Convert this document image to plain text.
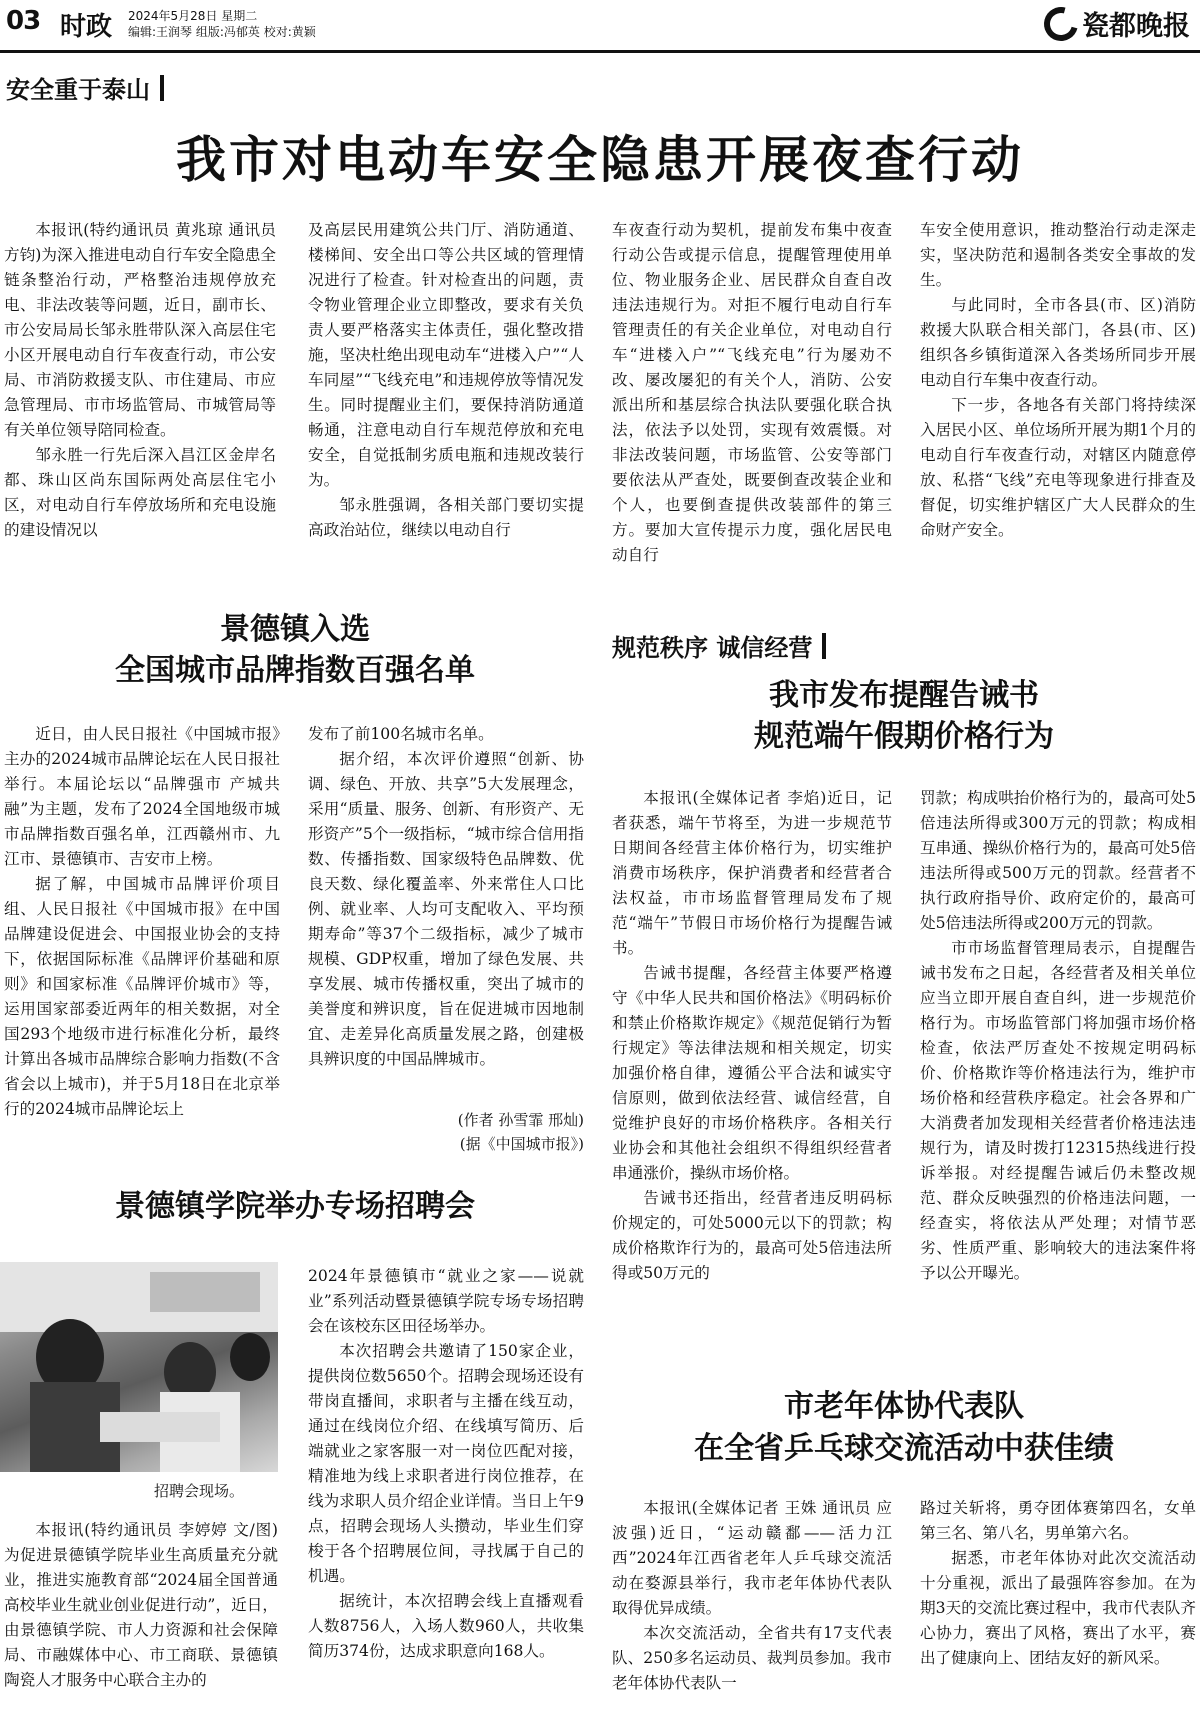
03 时政 2024年5月28日 星期二
编辑:王润琴 组版:冯郁英 校对:黄颖	瓷都晚报
安全重于泰山
我市对电动车安全隐患开展夜查行动

本报讯(特约通讯员 黄兆琼 通讯员 方钧)为深入推进电动自行车安全隐患全链条整治行动，严格整治违规停放充电、非法改装等问题，近日，副市长、市公安局局长邹永胜带队深入高层住宅小区开展电动自行车夜查行动，市公安局、市消防救援支队、市住建局、市应急管理局、市市场监管局、市城管局等有关单位领导陪同检查。

邹永胜一行先后深入昌江区金岸名都、珠山区尚东国际两处高层住宅小区，对电动自行车停放场所和充电设施的建设情况以

及高层民用建筑公共门厅、消防通道、楼梯间、安全出口等公共区域的管理情况进行了检查。针对检查出的问题，责令物业管理企业立即整改，要求有关负责人要严格落实主体责任，强化整改措施，坚决杜绝出现电动车“进楼入户”“人车同屋”“飞线充电”和违规停放等情况发生。同时提醒业主们，要保持消防通道畅通，注意电动自行车规范停放和充电安全，自觉抵制劣质电瓶和违规改装行为。

邹永胜强调，各相关部门要切实提高政治站位，继续以电动自行

车夜查行动为契机，提前发布集中夜查行动公告或提示信息，提醒管理使用单位、物业服务企业、居民群众自查自改违法违规行为。对拒不履行电动自行车管理责任的有关企业单位，对电动自行车“进楼入户”“飞线充电”行为屡劝不改、屡改屡犯的有关个人，消防、公安派出所和基层综合执法队要强化联合执法，依法予以处罚，实现有效震慑。对非法改装问题，市场监管、公安等部门要依法从严查处，既要倒查改装企业和个人，也要倒查提供改装部件的第三方。要加大宣传提示力度，强化居民电动自行

车安全使用意识，推动整治行动走深走实，坚决防范和遏制各类安全事故的发生。

与此同时，全市各县(市、区)消防救援大队联合相关部门，各县(市、区)组织各乡镇街道深入各类场所同步开展电动自行车集中夜查行动。

下一步，各地各有关部门将持续深入居民小区、单位场所开展为期1个月的电动自行车夜查行动，对辖区内随意停放、私搭“飞线”充电等现象进行排查及督促，切实维护辖区广大人民群众的生命财产安全。

景德镇入选
全国城市品牌指数百强名单

近日，由人民日报社《中国城市报》主办的2024城市品牌论坛在人民日报社举行。本届论坛以“品牌强市 产城共融”为主题，发布了2024全国地级市城市品牌指数百强名单，江西赣州市、九江市、景德镇市、吉安市上榜。

据了解，中国城市品牌评价项目组、人民日报社《中国城市报》在中国品牌建设促进会、中国报业协会的支持下，依据国际标准《品牌评价基础和原则》和国家标准《品牌评价城市》等，运用国家部委近两年的相关数据，对全国293个地级市进行标准化分析，最终计算出各城市品牌综合影响力指数(不含省会以上城市)，并于5月18日在北京举行的2024城市品牌论坛上

发布了前100名城市名单。

据介绍，本次评价遵照“创新、协调、绿色、开放、共享”5大发展理念，采用“质量、服务、创新、有形资产、无形资产”5个一级指标，“城市综合信用指数、传播指数、国家级特色品牌数、优良天数、绿化覆盖率、外来常住人口比例、就业率、人均可支配收入、平均预期寿命”等37个二级指标，减少了城市规模、GDP权重，增加了绿色发展、共享发展、城市传播权重，突出了城市的美誉度和辨识度，旨在促进城市因地制宜、走差异化高质量发展之路，创建极具辨识度的中国品牌城市。

(作者 孙雪霏 邢灿)
(据《中国城市报》)
景德镇学院举办专场招聘会
招聘会现场。

本报讯(特约通讯员 李婷婷 文/图)为促进景德镇学院毕业生高质量充分就业，推进实施教育部“2024届全国普通高校毕业生就业创业促进行动”，近日，由景德镇学院、市人力资源和社会保障局、市融媒体中心、市工商联、景德镇陶瓷人才服务中心联合主办的

2024年景德镇市“就业之家——说就业”系列活动暨景德镇学院专场专场招聘会在该校东区田径场举办。

本次招聘会共邀请了150家企业，提供岗位数5650个。招聘会现场还设有带岗直播间，求职者与主播在线互动，通过在线岗位介绍、在线填写简历、后端就业之家客服一对一岗位匹配对接，精准地为线上求职者进行岗位推荐，在线为求职人员介绍企业详情。当日上午9点，招聘会现场人头攒动，毕业生们穿梭于各个招聘展位间，寻找属于自己的机遇。

据统计，本次招聘会线上直播观看人数8756人，入场人数960人，共收集简历374份，达成求职意向168人。

规范秩序 诚信经营
我市发布提醒告诫书
规范端午假期价格行为

本报讯(全媒体记者 李焰)近日，记者获悉，端午节将至，为进一步规范节日期间各经营主体价格行为，切实维护消费市场秩序，保护消费者和经营者合法权益，市市场监督管理局发布了规范“端午”节假日市场价格行为提醒告诫书。

告诫书提醒，各经营主体要严格遵守《中华人民共和国价格法》《明码标价和禁止价格欺诈规定》《规范促销行为暂行规定》等法律法规和相关规定，切实加强价格自律，遵循公平合法和诚实守信原则，做到依法经营、诚信经营，自觉维护良好的市场价格秩序。各相关行业协会和其他社会组织不得组织经营者串通涨价，操纵市场价格。

告诫书还指出，经营者违反明码标价规定的，可处5000元以下的罚款；构成价格欺诈行为的，最高可处5倍违法所得或50万元的

罚款；构成哄抬价格行为的，最高可处5倍违法所得或300万元的罚款；构成相互串通、操纵价格行为的，最高可处5倍违法所得或500万元的罚款。经营者不执行政府指导价、政府定价的，最高可处5倍违法所得或200万元的罚款。

市市场监督管理局表示，自提醒告诫书发布之日起，各经营者及相关单位应当立即开展自查自纠，进一步规范价格行为。市场监管部门将加强市场价格检查，依法严厉查处不按规定明码标价、价格欺诈等价格违法行为，维护市场价格和经营秩序稳定。社会各界和广大消费者加发现相关经营者价格违法违规行为，请及时拨打12315热线进行投诉举报。对经提醒告诫后仍未整改规范、群众反映强烈的价格违法问题，一经查实，将依法从严处理；对情节恶劣、性质严重、影响较大的违法案件将予以公开曝光。

市老年体协代表队
在全省乒乓球交流活动中获佳绩

本报讯(全媒体记者 王姝 通讯员 应波强)近日，“运动赣鄱——活力江西”2024年江西省老年人乒乓球交流活动在婺源县举行，我市老年体协代表队取得优异成绩。

本次交流活动，全省共有17支代表队、250多名运动员、裁判员参加。我市老年体协代表队一

路过关斩将，勇夺团体赛第四名，女单第三名、第八名，男单第六名。

据悉，市老年体协对此次交流活动十分重视，派出了最强阵容参加。在为期3天的交流比赛过程中，我市代表队齐心协力，赛出了风格，赛出了水平，赛出了健康向上、团结友好的新风采。
